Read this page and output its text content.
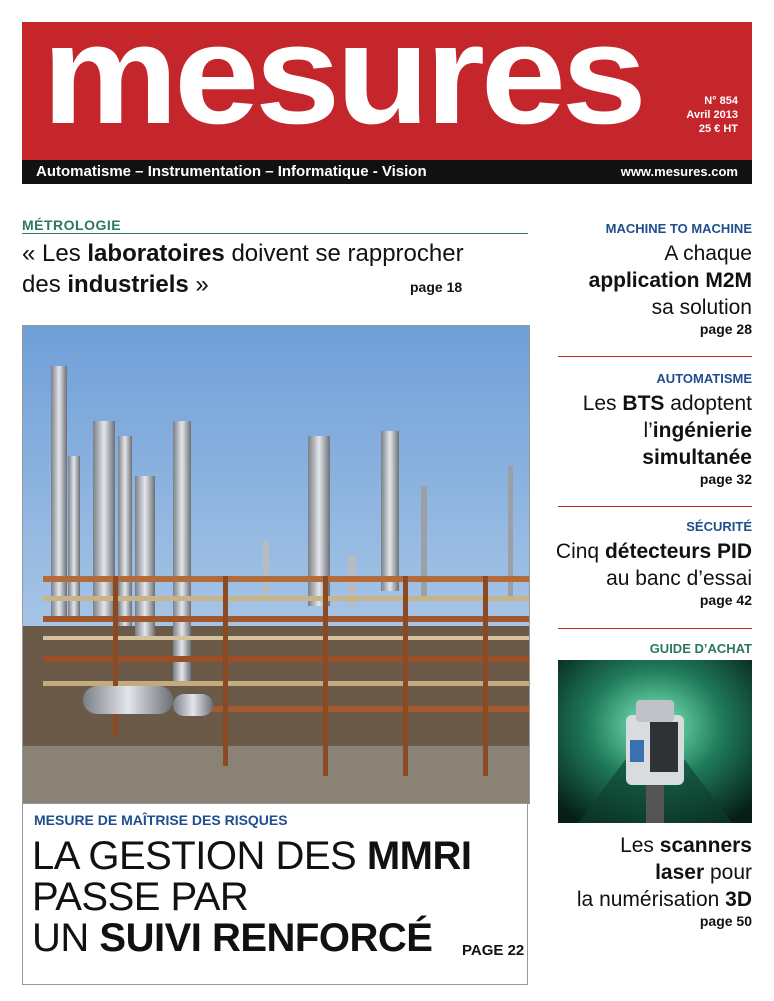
mesures	N° 854
Avril 2013
25 € HT
Automatisme – Instrumentation – Informatique - Vision	www.mesures.com
MÉTROLOGIE
« Les laboratoires doivent se rapprocher
des industriels »	page 18
MESURE DE MAÎTRISE DES RISQUES
LA GESTION DES MMRI
PASSE PAR
UN SUIVI RENFORCÉ	PAGE 22
MACHINE TO MACHINE
A chaque
application M2M
sa solution
page 28
AUTOMATISME
Les BTS adoptent
l’ingénierie
simultanée
page 32
SÉCURITÉ
Cinq détecteurs PID
au banc d’essai
page 42
GUIDE D’ACHAT
Les scanners
laser pour
la numérisation 3D
page 50
